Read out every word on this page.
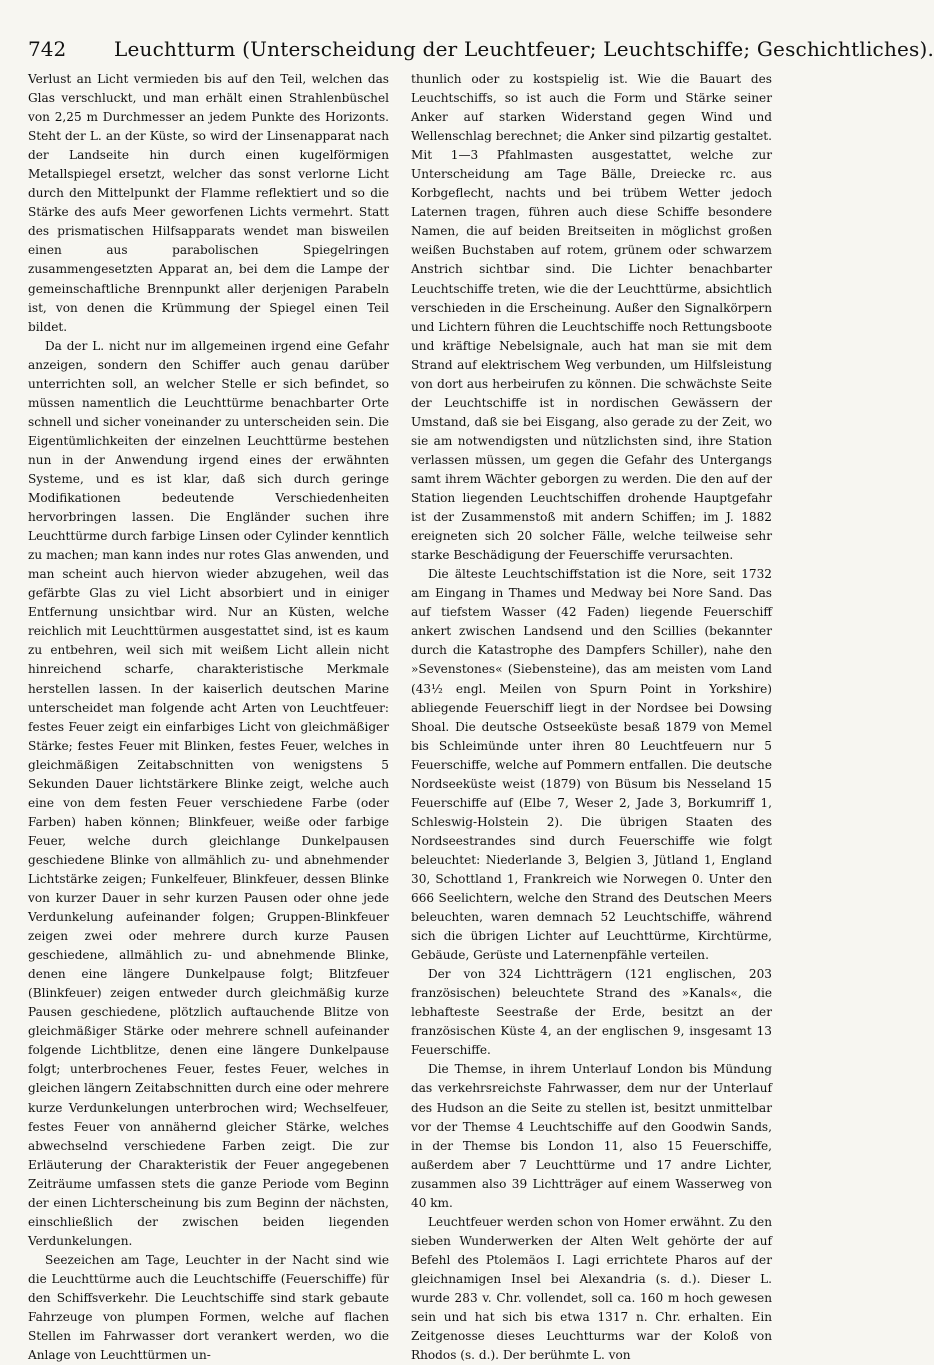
742	Leuchtturm (Unterscheidung der Leuchtfeuer; Leuchtschiffe; Geschichtliches).

Verlust an Licht vermieden bis auf den Teil, welchen das Glas verschluckt, und man erhält einen Strahlenbüschel von 2,25 m Durchmesser an jedem Punkte des Horizonts. Steht der L. an der Küste, so wird der Linsenapparat nach der Landseite hin durch einen kugelförmigen Metallspiegel ersetzt, welcher das sonst verlorne Licht durch den Mittelpunkt der Flamme reflektiert und so die Stärke des aufs Meer geworfenen Lichts vermehrt. Statt des prismatischen Hilfsapparats wendet man bisweilen einen aus parabolischen Spiegelringen zusammengesetzten Apparat an, bei dem die Lampe der gemeinschaftliche Brennpunkt aller derjenigen Parabeln ist, von denen die Krümmung der Spiegel einen Teil bildet.

Da der L. nicht nur im allgemeinen irgend eine Gefahr anzeigen, sondern den Schiffer auch genau darüber unterrichten soll, an welcher Stelle er sich befindet, so müssen namentlich die Leuchttürme benachbarter Orte schnell und sicher voneinander zu unterscheiden sein. Die Eigentümlichkeiten der einzelnen Leuchttürme bestehen nun in der Anwendung irgend eines der erwähnten Systeme, und es ist klar, daß sich durch geringe Modifikationen bedeutende Verschiedenheiten hervorbringen lassen. Die Engländer suchen ihre Leuchttürme durch farbige Linsen oder Cylinder kenntlich zu machen; man kann indes nur rotes Glas anwenden, und man scheint auch hiervon wieder abzugehen, weil das gefärbte Glas zu viel Licht absorbiert und in einiger Entfernung unsichtbar wird. Nur an Küsten, welche reichlich mit Leuchttürmen ausgestattet sind, ist es kaum zu entbehren, weil sich mit weißem Licht allein nicht hinreichend scharfe, charakteristische Merkmale herstellen lassen. In der kaiserlich deutschen Marine unterscheidet man folgende acht Arten von Leuchtfeuer: festes Feuer zeigt ein einfarbiges Licht von gleichmäßiger Stärke; festes Feuer mit Blinken, festes Feuer, welches in gleichmäßigen Zeitabschnitten von wenigstens 5 Sekunden Dauer lichtstärkere Blinke zeigt, welche auch eine von dem festen Feuer verschiedene Farbe (oder Farben) haben können; Blinkfeuer, weiße oder farbige Feuer, welche durch gleichlange Dunkelpausen geschiedene Blinke von allmählich zu- und abnehmender Lichtstärke zeigen; Funkelfeuer, Blinkfeuer, dessen Blinke von kurzer Dauer in sehr kurzen Pausen oder ohne jede Verdunkelung aufeinander folgen; Gruppen-Blinkfeuer zeigen zwei oder mehrere durch kurze Pausen geschiedene, allmählich zu- und abnehmende Blinke, denen eine längere Dunkelpause folgt; Blitzfeuer (Blinkfeuer) zeigen entweder durch gleichmäßig kurze Pausen geschiedene, plötzlich auftauchende Blitze von gleichmäßiger Stärke oder mehrere schnell aufeinander folgende Lichtblitze, denen eine längere Dunkelpause folgt; unterbrochenes Feuer, festes Feuer, welches in gleichen längern Zeitabschnitten durch eine oder mehrere kurze Verdunkelungen unterbrochen wird; Wechselfeuer, festes Feuer von annähernd gleicher Stärke, welches abwechselnd verschiedene Farben zeigt. Die zur Erläuterung der Charakteristik der Feuer angegebenen Zeiträume umfassen stets die ganze Periode vom Beginn der einen Lichterscheinung bis zum Beginn der nächsten, einschließlich der zwischen beiden liegenden Verdunkelungen.

Seezeichen am Tage, Leuchter in der Nacht sind wie die Leuchttürme auch die Leuchtschiffe (Feuerschiffe) für den Schiffsverkehr. Die Leuchtschiffe sind stark gebaute Fahrzeuge von plumpen Formen, welche auf flachen Stellen im Fahrwasser dort verankert werden, wo die Anlage von Leuchttürmen un-

thunlich oder zu kostspielig ist. Wie die Bauart des Leuchtschiffs, so ist auch die Form und Stärke seiner Anker auf starken Widerstand gegen Wind und Wellenschlag berechnet; die Anker sind pilzartig gestaltet. Mit 1—3 Pfahlmasten ausgestattet, welche zur Unterscheidung am Tage Bälle, Dreiecke rc. aus Korbgeflecht, nachts und bei trübem Wetter jedoch Laternen tragen, führen auch diese Schiffe besondere Namen, die auf beiden Breitseiten in möglichst großen weißen Buchstaben auf rotem, grünem oder schwarzem Anstrich sichtbar sind. Die Lichter benachbarter Leuchtschiffe treten, wie die der Leuchttürme, absichtlich verschieden in die Erscheinung. Außer den Signalkörpern und Lichtern führen die Leuchtschiffe noch Rettungsboote und kräftige Nebelsignale, auch hat man sie mit dem Strand auf elektrischem Weg verbunden, um Hilfsleistung von dort aus herbeirufen zu können. Die schwächste Seite der Leuchtschiffe ist in nordischen Gewässern der Umstand, daß sie bei Eisgang, also gerade zu der Zeit, wo sie am notwendigsten und nützlichsten sind, ihre Station verlassen müssen, um gegen die Gefahr des Untergangs samt ihrem Wächter geborgen zu werden. Die den auf der Station liegenden Leuchtschiffen drohende Hauptgefahr ist der Zusammenstoß mit andern Schiffen; im J. 1882 ereigneten sich 20 solcher Fälle, welche teilweise sehr starke Beschädigung der Feuerschiffe verursachten.

Die älteste Leuchtschiffstation ist die Nore, seit 1732 am Eingang in Thames und Medway bei Nore Sand. Das auf tiefstem Wasser (42 Faden) liegende Feuerschiff ankert zwischen Landsend und den Scillies (bekannter durch die Katastrophe des Dampfers Schiller), nahe den »Sevenstones« (Siebensteine), das am meisten vom Land (43½ engl. Meilen von Spurn Point in Yorkshire) abliegende Feuerschiff liegt in der Nordsee bei Dowsing Shoal. Die deutsche Ostseeküste besaß 1879 von Memel bis Schleimünde unter ihren 80 Leuchtfeuern nur 5 Feuerschiffe, welche auf Pommern entfallen. Die deutsche Nordseeküste weist (1879) von Büsum bis Nesseland 15 Feuerschiffe auf (Elbe 7, Weser 2, Jade 3, Borkumriff 1, Schleswig-Holstein 2). Die übrigen Staaten des Nordseestrandes sind durch Feuerschiffe wie folgt beleuchtet: Niederlande 3, Belgien 3, Jütland 1, England 30, Schottland 1, Frankreich wie Norwegen 0. Unter den 666 Seelichtern, welche den Strand des Deutschen Meers beleuchten, waren demnach 52 Leuchtschiffe, während sich die übrigen Lichter auf Leuchttürme, Kirchtürme, Gebäude, Gerüste und Laternenpfähle verteilen.

Der von 324 Lichtträgern (121 englischen, 203 französischen) beleuchtete Strand des »Kanals«, die lebhafteste Seestraße der Erde, besitzt an der französischen Küste 4, an der englischen 9, insgesamt 13 Feuerschiffe.

Die Themse, in ihrem Unterlauf London bis Mündung das verkehrsreichste Fahrwasser, dem nur der Unterlauf des Hudson an die Seite zu stellen ist, besitzt unmittelbar vor der Themse 4 Leuchtschiffe auf den Goodwin Sands, in der Themse bis London 11, also 15 Feuerschiffe, außerdem aber 7 Leuchttürme und 17 andre Lichter, zusammen also 39 Lichtträger auf einem Wasserweg von 40 km.

Leuchtfeuer werden schon von Homer erwähnt. Zu den sieben Wunderwerken der Alten Welt gehörte der auf Befehl des Ptolemäos I. Lagi errichtete Pharos auf der gleichnamigen Insel bei Alexandria (s. d.). Dieser L. wurde 283 v. Chr. vollendet, soll ca. 160 m hoch gewesen sein und hat sich bis etwa 1317 n. Chr. erhalten. Ein Zeitgenosse dieses Leuchtturms war der Koloß von Rhodos (s. d.). Der berühmte L. von
